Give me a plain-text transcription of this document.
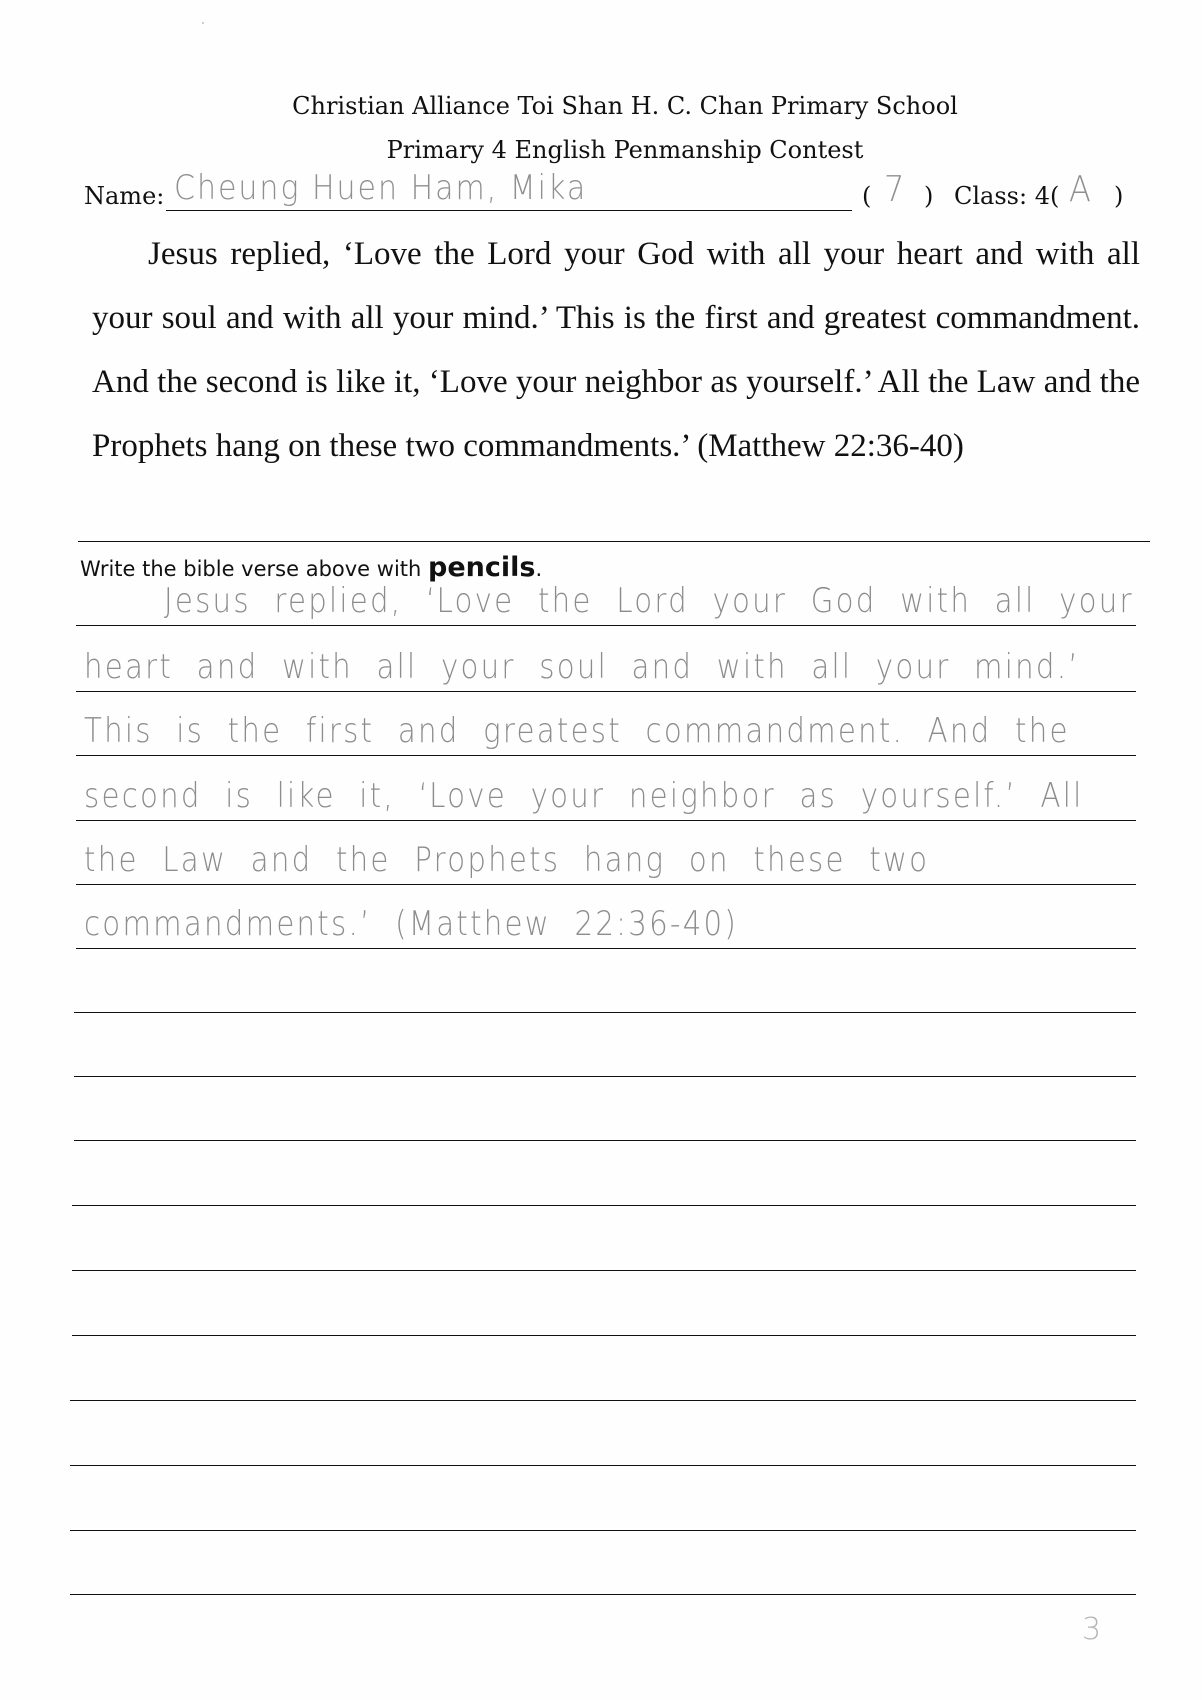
Christian Alliance Toi Shan H. C. Chan Primary School
Primary 4 English Penmanship Contest
Name: Cheung Huen Ham, Mika	( 7 ) Class: 4( A )
Jesus replied, ‘Love the Lord your God with all your heart and with all your soul and with all your mind.’ This is the first and greatest commandment. And the second is like it, ‘Love your neighbor as yourself.’ All the Law and the Prophets hang on these two commandments.’ (Matthew 22:36-40)
Write the bible verse above with pencils.
Jesus replied, ‘Love the Lord your God with all your
heart and with all your soul and with all your mind.’
This is the first and greatest commandment. And the
second is like it, ‘Love your neighbor as yourself.’ All
the Law and the Prophets hang on these two
commandments.’ (Matthew 22:36-40)
3
